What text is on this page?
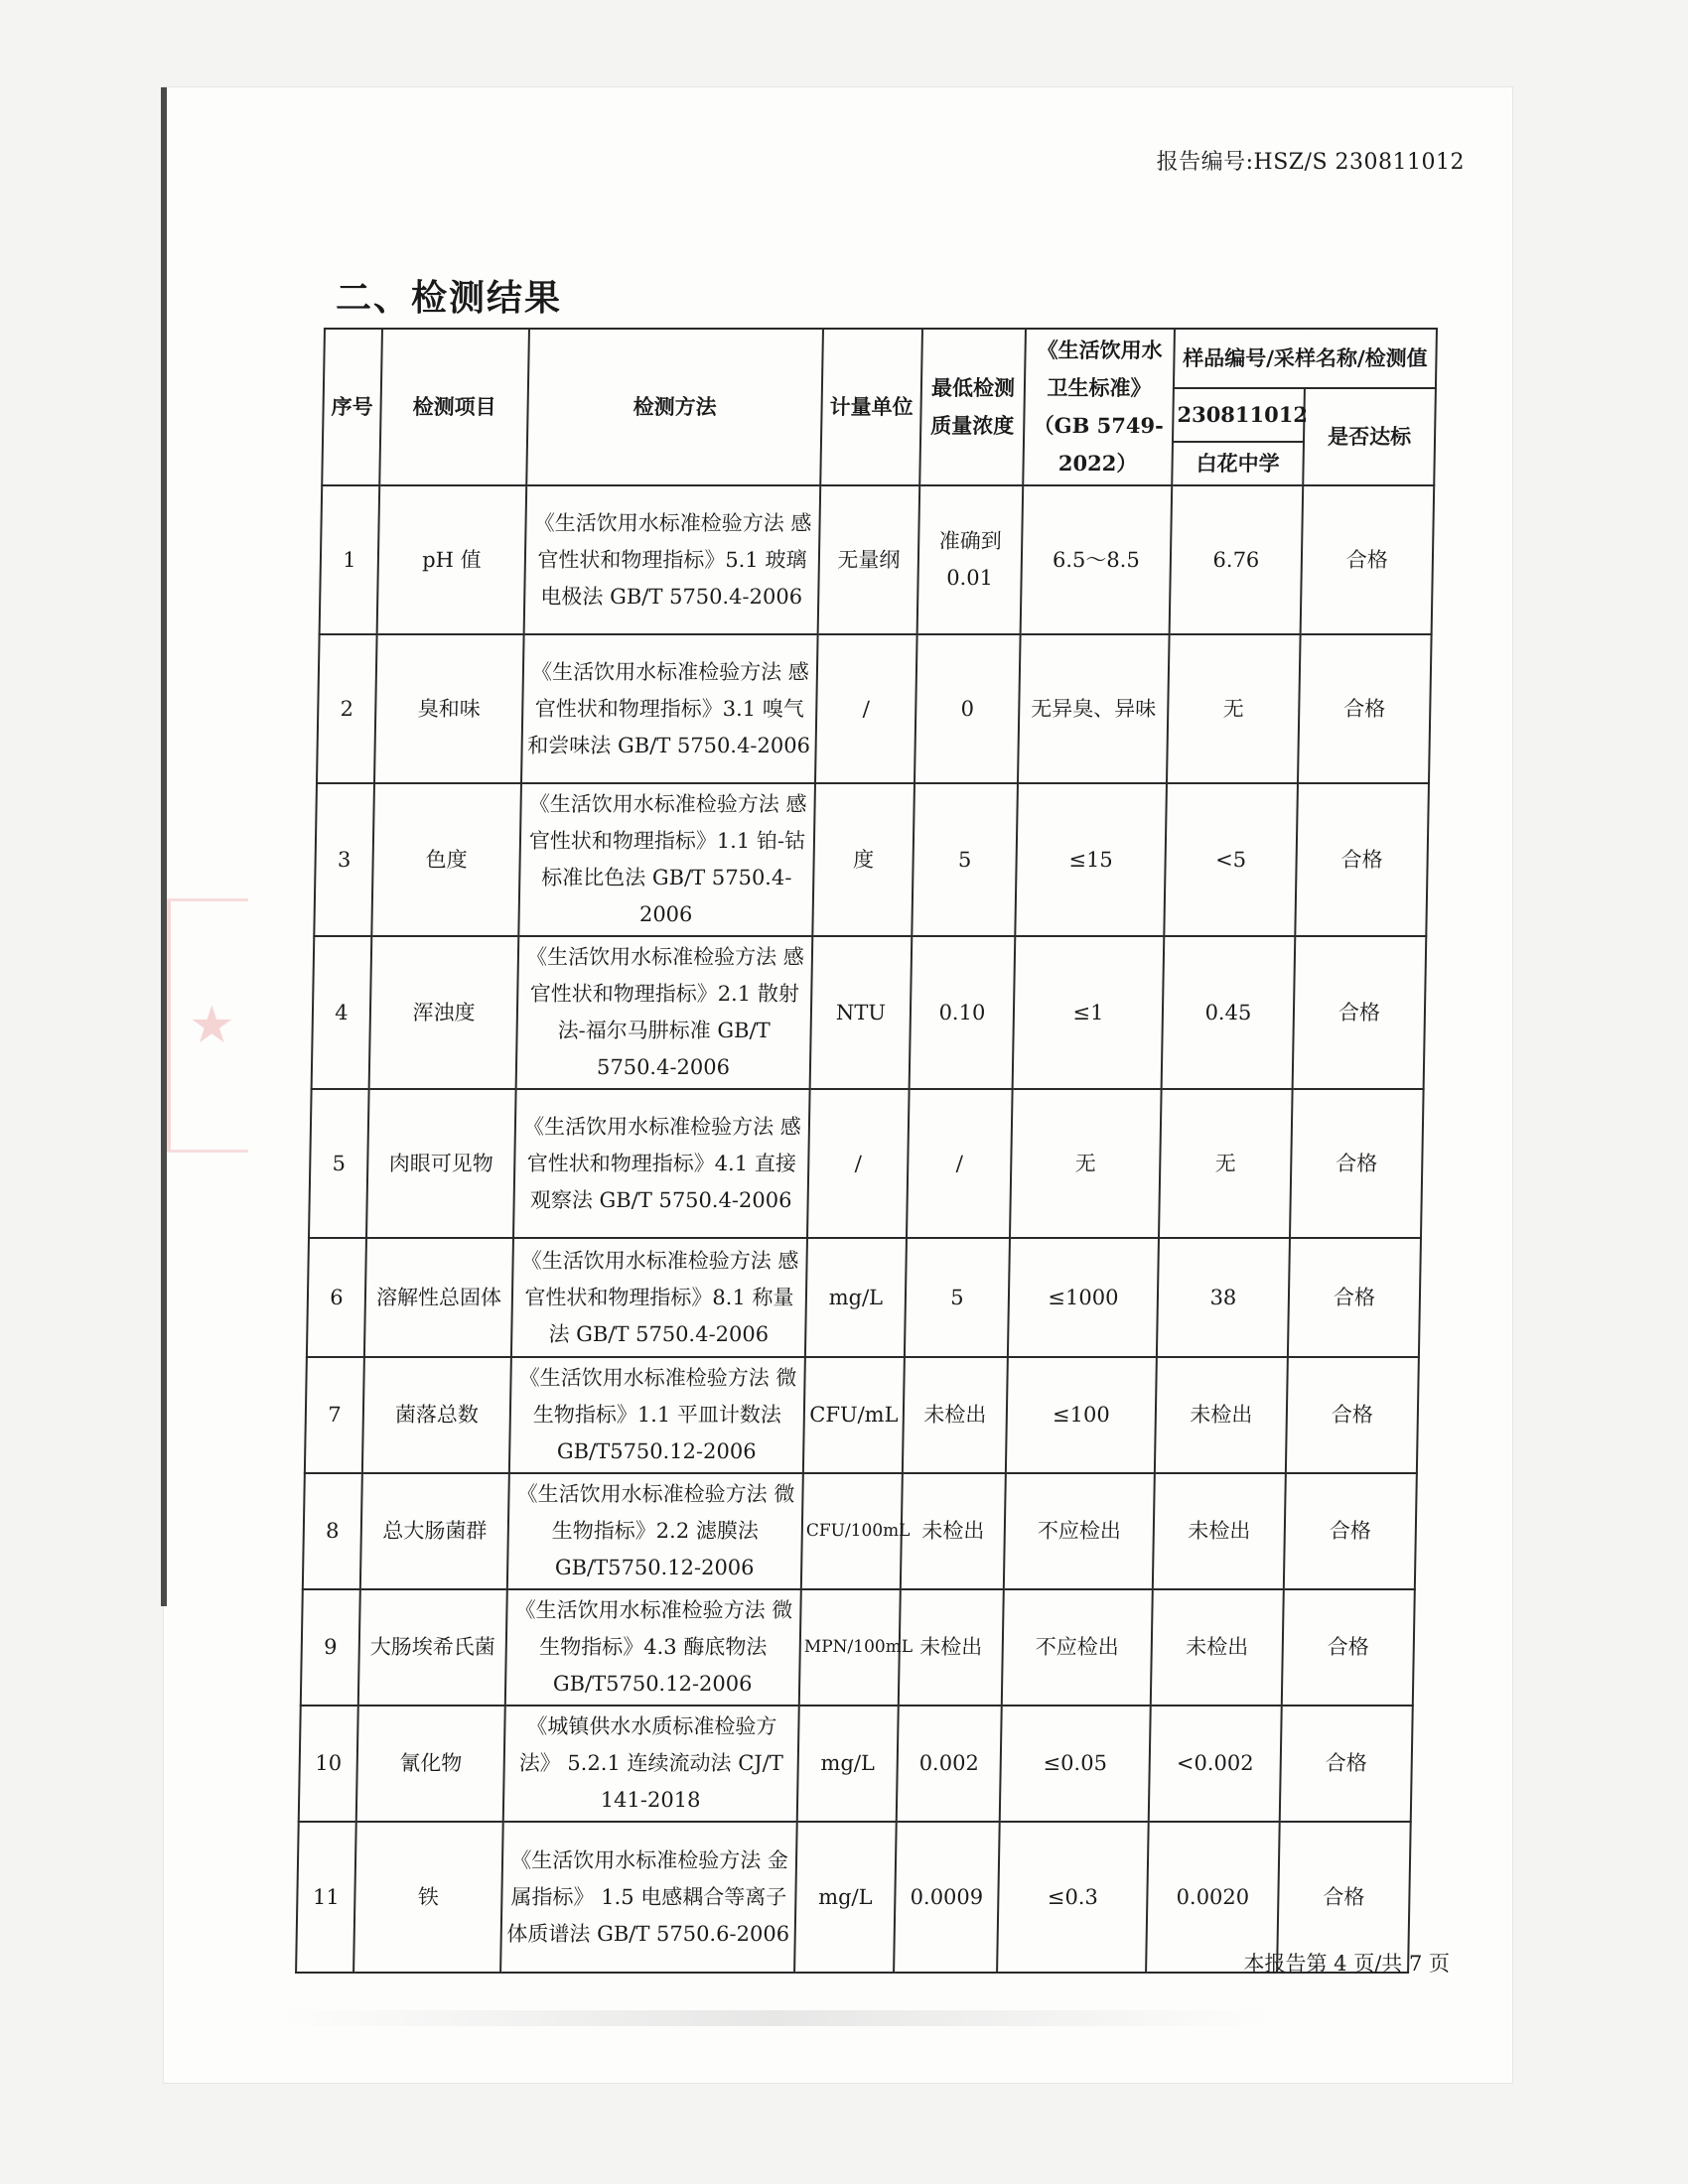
★
报告编号:HSZ/S 230811012
二、检测结果
序号	检测项目	检测方法	计量单位	最低检测质量浓度	《生活饮用水卫生标准》（GB 5749-2022）	样品编号/采样名称/检测值	
						230811012	是否达标
						白花中学	
1	pH 值	《生活饮用水标准检验方法 感官性状和物理指标》5.1 玻璃电极法 GB/T 5750.4-2006	无量纲	准确到 0.01	6.5～8.5	6.76	合格
2	臭和味	《生活饮用水标准检验方法 感官性状和物理指标》3.1 嗅气和尝味法 GB/T 5750.4-2006	/	0	无异臭、异味	无	合格
3	色度	《生活饮用水标准检验方法 感官性状和物理指标》1.1 铂-钴标准比色法 GB/T 5750.4-2006	度	5	≤15	<5	合格
4	浑浊度	《生活饮用水标准检验方法 感官性状和物理指标》2.1 散射法-福尔马肼标准 GB/T 5750.4-2006	NTU	0.10	≤1	0.45	合格
5	肉眼可见物	《生活饮用水标准检验方法 感官性状和物理指标》4.1 直接观察法 GB/T 5750.4-2006	/	/	无	无	合格
6	溶解性总固体	《生活饮用水标准检验方法 感官性状和物理指标》8.1 称量法 GB/T 5750.4-2006	mg/L	5	≤1000	38	合格
7	菌落总数	《生活饮用水标准检验方法 微生物指标》1.1 平皿计数法 GB/T5750.12-2006	CFU/mL	未检出	≤100	未检出	合格
8	总大肠菌群	《生活饮用水标准检验方法 微生物指标》2.2 滤膜法 GB/T5750.12-2006	CFU/100mL	未检出	不应检出	未检出	合格
9	大肠埃希氏菌	《生活饮用水标准检验方法 微生物指标》4.3 酶底物法 GB/T5750.12-2006	MPN/100mL	未检出	不应检出	未检出	合格
10	氰化物	《城镇供水水质标准检验方法》 5.2.1 连续流动法 CJ/T 141-2018	mg/L	0.002	≤0.05	<0.002	合格
11	铁	《生活饮用水标准检验方法 金属指标》 1.5 电感耦合等离子体质谱法 GB/T 5750.6-2006	mg/L	0.0009	≤0.3	0.0020	合格
本报告第 4 页/共 7 页
